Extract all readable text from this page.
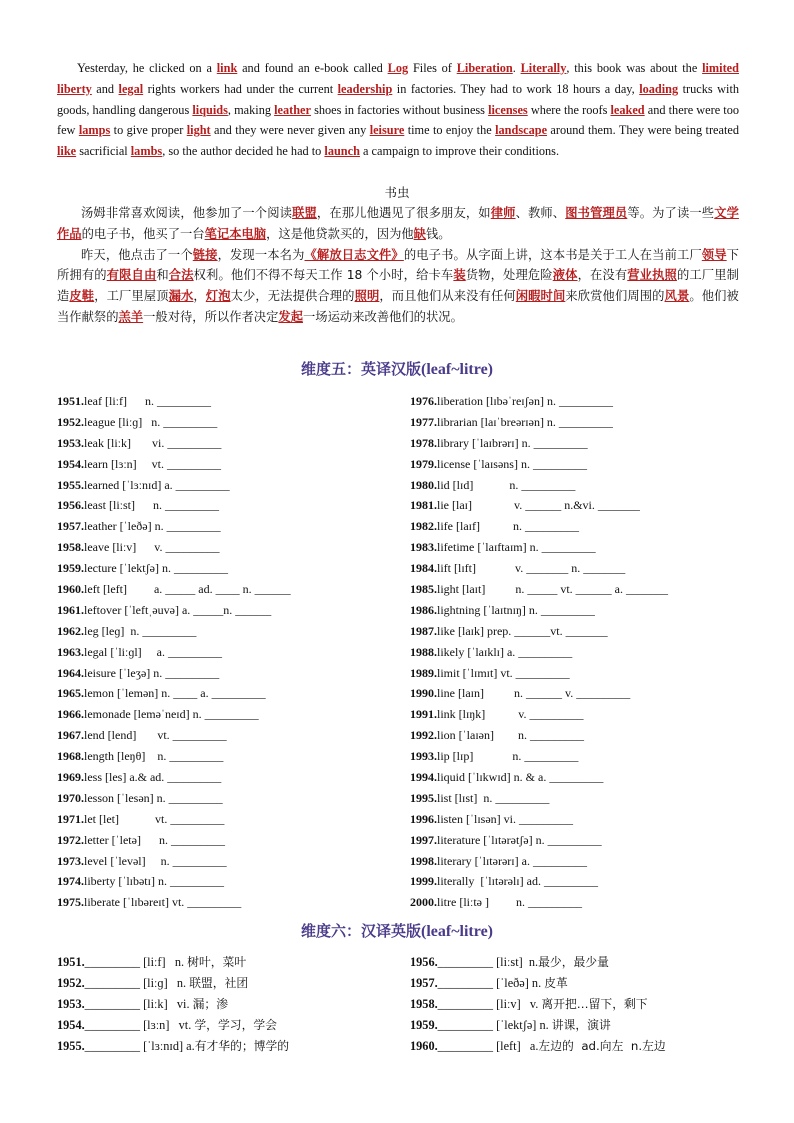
Yesterday, he clicked on a link and found an e-book called Log Files of Liberation. Literally, this book was about the limited liberty and legal rights workers had under the current leadership in factories. They had to work 18 hours a day, loading trucks with goods, handling dangerous liquids, making leather shoes in factories without business licenses where the roofs leaked and there were too few lamps to give proper light and they were never given any leisure time to enjoy the landscape around them. They were being treated like sacrificial lambs, so the author decided he had to launch a campaign to improve their conditions.
书虫

汤姆非常喜欢阅读，他参加了一个阅读联盟，在那儿他遇见了很多朋友，如律师、教师、图书管理员等。为了读一些文学作品的电子书，他买了一台笔记本电脑，这是他贷款买的，因为他缺钱。

昨天，他点击了一个链接，发现一本名为《解放日志文件》的电子书。从字面上讲，这本书是关于工人在当前工厂领导下所拥有的有限自由和合法权利。他们不得不每天工作 18 个小时，给卡车装货物，处理危险液体，在没有营业执照的工厂里制造皮鞋，工厂里屋顶漏水，灯泡太少，无法提供合理的照明，而且他们从来没有任何闲暇时间来欣赏他们周围的风景。他们被当作献祭的羔羊一般对待，所以作者决定发起一场运动来改善他们的状况。

维度五：英译汉版(leaf~litre)
1951.leaf [liːf]      n. _________
1952.league [liːɡ]   n. _________
1953.leak [liːk]       vi. _________
1954.learn [lɜːn]     vt. _________
1955.learned [ˈlɜːnɪd] a. _________
1956.least [liːst]      n. _________
1957.leather [ˈleðə] n. _________
1958.leave [liːv]      v. _________
1959.lecture [ˈlektʃə] n. _________
1960.left [left]         a. _____ ad. ____ n. ______
1961.leftover [ˈleftˌəuvə] a. _____n. ______
1962.leg [leɡ]  n. _________
1963.legal [ˈliːɡl]     a. _________
1964.leisure [ˈleʒə] n. _________
1965.lemon [ˈlemən] n. ____ a. _________
1966.lemonade [leməˈneɪd] n. _________
1967.lend [lend]       vt. _________
1968.length [leŋθ]    n. _________
1969.less [les] a.& ad. _________
1970.lesson [ˈlesən] n. _________
1971.let [let]            vt. _________
1972.letter [ˈletə]      n. _________
1973.level [ˈlevəl]     n. _________
1974.liberty [ˈlɪbətɪ] n. _________
1975.liberate [ˈlɪbəreɪt] vt. _________
1976.liberation [lɪbəˈreɪʃən] n. _________
1977.librarian [laɪˈbreərɪən] n. _________
1978.library [ˈlaɪbrərɪ] n. _________
1979.license [ˈlaɪsəns] n. _________
1980.lid [lɪd]            n. _________
1981.lie [laɪ]              v. ______ n.&vi. _______
1982.life [laɪf]           n. _________
1983.lifetime [ˈlaɪftaɪm] n. _________
1984.lift [lɪft]             v. _______ n. _______
1985.light [laɪt]          n. _____ vt. ______ a. _______
1986.lightning [ˈlaɪtnɪŋ] n. _________
1987.like [laɪk] prep. ______vt. _______
1988.likely [ˈlaɪklɪ] a. _________
1989.limit [ˈlɪmɪt] vt. _________
1990.line [laɪn]          n. ______ v. _________
1991.link [lɪŋk]           v. _________
1992.lion [ˈlaɪən]        n. _________
1993.lip [lɪp]             n. _________
1994.liquid [ˈlɪkwɪd] n. & a. _________
1995.list [lɪst]  n. _________
1996.listen [ˈlɪsən] vi. _________
1997.literature [ˈlɪtərətʃə] n. _________
1998.literary [ˈlɪtərərɪ] a. _________
1999.literally  [ˈlɪtərəlɪ] ad. _________
2000.litre [liːtə ]         n. _________
维度六：汉译英版(leaf~litre)
1951._________ [liːf]   n. 树叶，菜叶
1952._________ [liːɡ]   n. 联盟，社团
1953._________ [liːk]   vi. 漏；渗
1954._________ [lɜːn]   vt. 学，学习，学会
1955._________ [ˈlɜːnɪd] a.有才华的；博学的
1956._________ [liːst]  n.最少，最少量
1957._________ [ˈleðə] n. 皮革
1958._________ [liːv]   v. 离开把…留下，剩下
1959._________ [ˈlektʃə] n. 讲课，演讲
1960._________ [left]   a.左边的  ad.向左  n.左边
